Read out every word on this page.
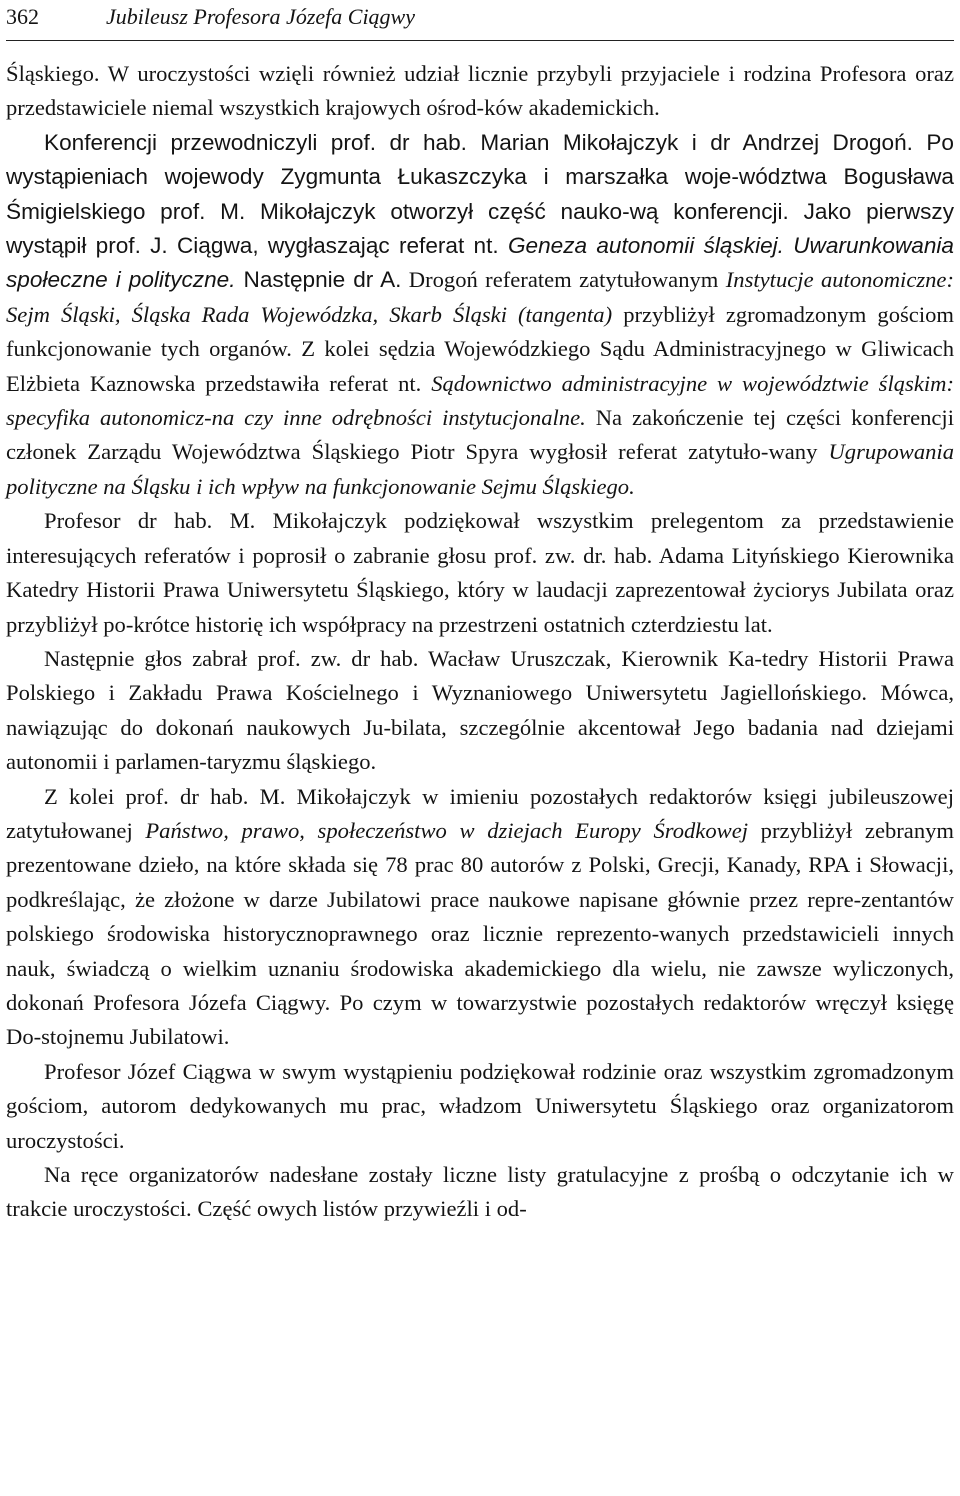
362	Jubileusz Profesora Józefa Ciągwy

Śląskiego. W uroczystości wzięli również udział licznie przybyli przyjaciele i rodzina Profesora oraz przedstawiciele niemal wszystkich krajowych ośrod-ków akademickich.

Konferencji przewodniczyli prof. dr hab. Marian Mikołajczyk i dr Andrzej Drogoń. Po wystąpieniach wojewody Zygmunta Łukaszczyka i marszałka woje-wództwa Bogusława Śmigielskiego prof. M. Mikołajczyk otworzył część nauko-wą konferencji. Jako pierwszy wystąpił prof. J. Ciągwa, wygłaszając referat nt. Geneza autonomii śląskiej. Uwarunkowania społeczne i polityczne. Następnie dr A. Drogoń referatem zatytułowanym Instytucje autonomiczne: Sejm Śląski, Śląska Rada Wojewódzka, Skarb Śląski (tangenta) przybliżył zgromadzonym gościom funkcjonowanie tych organów. Z kolei sędzia Wojewódzkiego Sądu Administracyjnego w Gliwicach Elżbieta Kaznowska przedstawiła referat nt. Sądownictwo administracyjne w województwie śląskim: specyfika autonomicz-na czy inne odrębności instytucjonalne. Na zakończenie tej części konferencji członek Zarządu Województwa Śląskiego Piotr Spyra wygłosił referat zatytuło-wany Ugrupowania polityczne na Śląsku i ich wpływ na funkcjonowanie Sejmu Śląskiego.

Profesor dr hab. M. Mikołajczyk podziękował wszystkim prelegentom za przedstawienie interesujących referatów i poprosił o zabranie głosu prof. zw. dr. hab. Adama Lityńskiego Kierownika Katedry Historii Prawa Uniwersytetu Śląskiego, który w laudacji zaprezentował życiorys Jubilata oraz przybliżył po-krótce historię ich współpracy na przestrzeni ostatnich czterdziestu lat.

Następnie głos zabrał prof. zw. dr hab. Wacław Uruszczak, Kierownik Ka-tedry Historii Prawa Polskiego i Zakładu Prawa Kościelnego i Wyznaniowego Uniwersytetu Jagiellońskiego. Mówca, nawiązując do dokonań naukowych Ju-bilata, szczególnie akcentował Jego badania nad dziejami autonomii i parlamen-taryzmu śląskiego.

Z kolei prof. dr hab. M. Mikołajczyk w imieniu pozostałych redaktorów księgi jubileuszowej zatytułowanej Państwo, prawo, społeczeństwo w dziejach Europy Środkowej przybliżył zebranym prezentowane dzieło, na które składa się 78 prac 80 autorów z Polski, Grecji, Kanady, RPA i Słowacji, podkreślając, że złożone w darze Jubilatowi prace naukowe napisane głównie przez repre-zentantów polskiego środowiska historycznoprawnego oraz licznie reprezento-wanych przedstawicieli innych nauk, świadczą o wielkim uznaniu środowiska akademickiego dla wielu, nie zawsze wyliczonych, dokonań Profesora Józefa Ciągwy. Po czym w towarzystwie pozostałych redaktorów wręczył księgę Do-stojnemu Jubilatowi.

Profesor Józef Ciągwa w swym wystąpieniu podziękował rodzinie oraz wszystkim zgromadzonym gościom, autorom dedykowanych mu prac, władzom Uniwersytetu Śląskiego oraz organizatorom uroczystości.

Na ręce organizatorów nadesłane zostały liczne listy gratulacyjne z prośbą o odczytanie ich w trakcie uroczystości. Część owych listów przywieźli i od-
